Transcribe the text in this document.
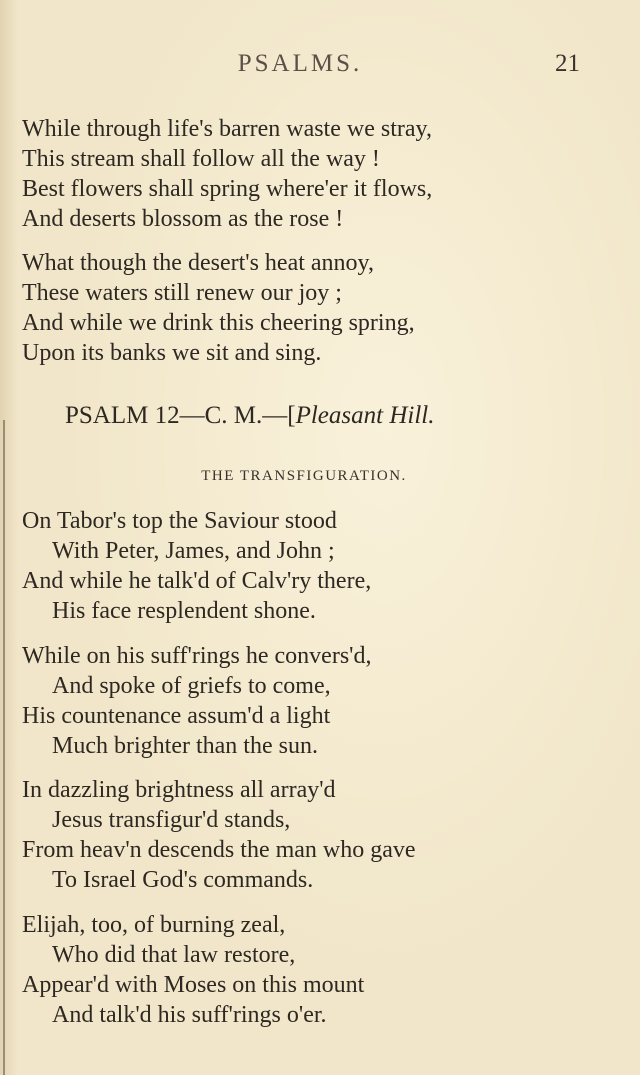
PSALMS.	21
While through life's barren waste we stray,
This stream shall follow all the way !
Best flowers shall spring where'er it flows,
And deserts blossom as the rose !
What though the desert's heat annoy,
These waters still renew our joy ;
And while we drink this cheering spring,
Upon its banks we sit and sing.
PSALM 12—C. M.—[Pleasant Hill.
THE TRANSFIGURATION.
On Tabor's top the Saviour stood
With Peter, James, and John ;
And while he talk'd of Calv'ry there,
His face resplendent shone.
While on his suff'rings he convers'd,
And spoke of griefs to come,
His countenance assum'd a light
Much brighter than the sun.
In dazzling brightness all array'd
Jesus transfigur'd stands,
From heav'n descends the man who gave
To Israel God's commands.
Elijah, too, of burning zeal,
Who did that law restore,
Appear'd with Moses on this mount
And talk'd his suff'rings o'er.
